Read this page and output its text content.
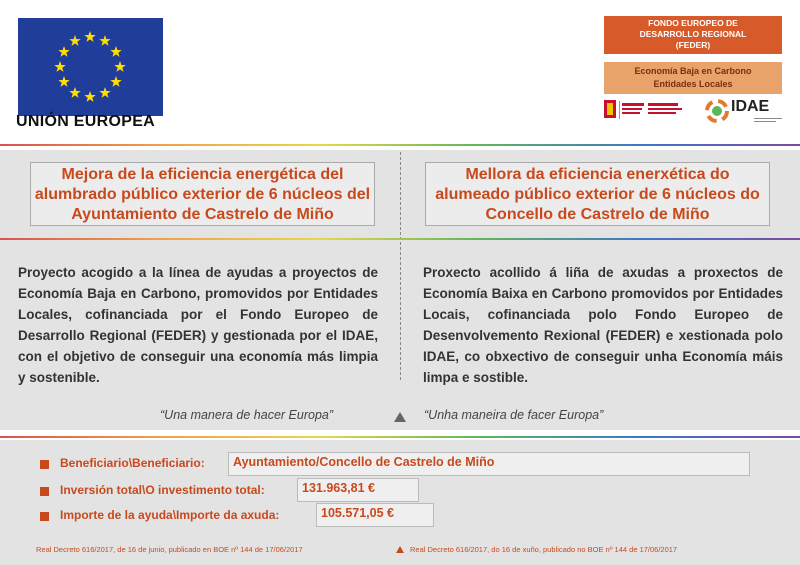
UNIÓN EUROPEA
FONDO EUROPEO DE
DESARROLLO REGIONAL
(FEDER)
Economía Baja en Carbono
Entidades Locales
IDAE
Mejora de la eficiencia energética del alumbrado público exterior de 6 núcleos del Ayuntamiento de Castrelo de Miño
Mellora da eficiencia enerxética do alumeado público exterior de 6 núcleos do Concello de Castrelo de Miño
Proyecto acogido a la línea de ayudas a proyectos de Economía Baja en Carbono, promovidos por Entidades Locales, cofinanciada por el Fondo Europeo de Desarrollo Regional (FEDER) y gestionada por el IDAE, con el objetivo de conseguir una economía más limpia y sostenible.
Proxecto acollido á liña de axudas a proxectos de Economía Baixa en Carbono promovidos por Entidades Locais, cofinanciada polo Fondo Europeo de Desenvolvemento Rexional (FEDER) e xestionada polo IDAE, co obxectivo de conseguir unha Economía máis limpa e sostible.
“Una manera de hacer Europa”	“Unha maneira de facer Europa”
Beneficiario\Beneficiario:	Ayuntamiento/Concello de Castrelo de Miño
Inversión total\O investimento total:	131.963,81 €
Importe de la ayuda\Importe da axuda:	105.571,05 €
Real Decreto 616/2017, de 16 de junio, publicado en BOE nº 144 de 17/06/2017	Real Decreto 616/2017, do 16 de xuño, publicado no BOE nº 144 de 17/06/2017
